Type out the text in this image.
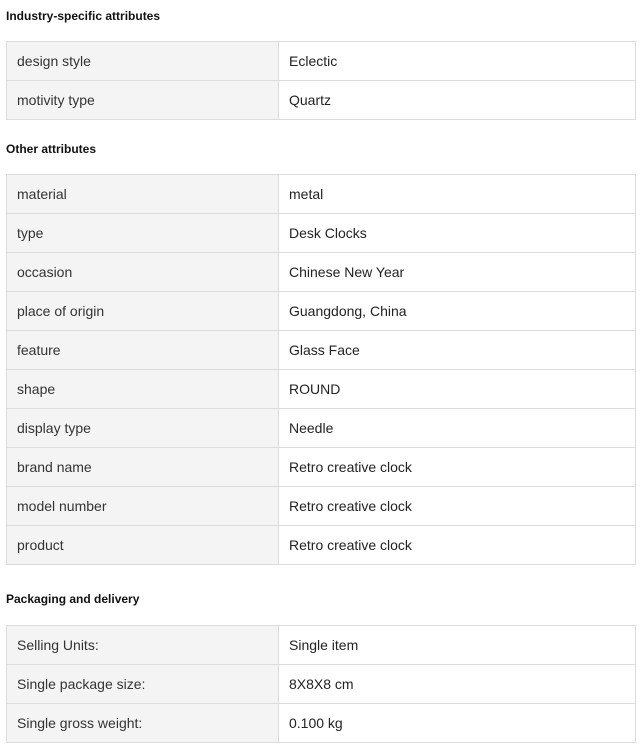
Industry-specific attributes
design style	Eclectic
motivity type	Quartz
Other attributes
material	metal
type	Desk Clocks
occasion	Chinese New Year
place of origin	Guangdong, China
feature	Glass Face
shape	ROUND
display type	Needle
brand name	Retro creative clock
model number	Retro creative clock
product	Retro creative clock
Packaging and delivery
Selling Units:	Single item
Single package size:	8X8X8 cm
Single gross weight:	0.100 kg
